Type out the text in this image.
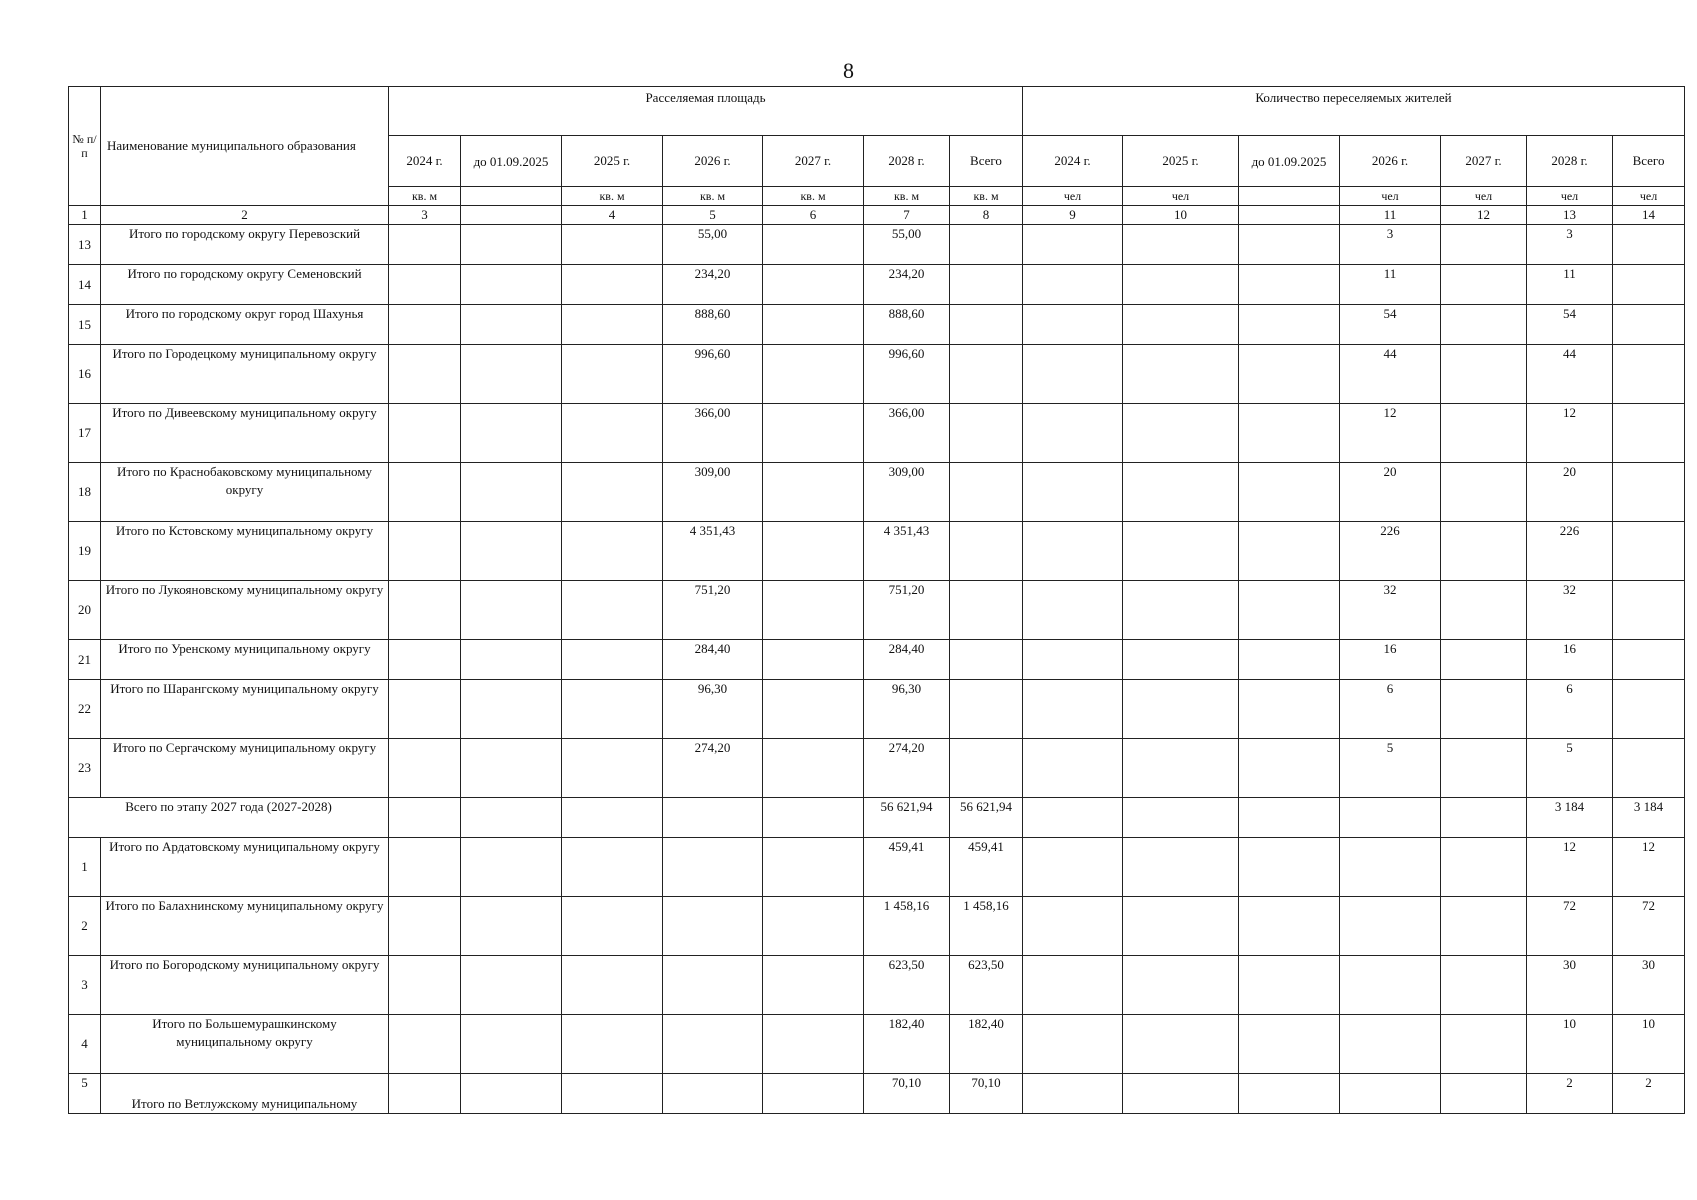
8
№ п/п	Наименование муниципального образования	Расселяемая площадь							Количество переселяемых жителей						
		2024 г.	до 01.09.2025	2025 г.	2026 г.	2027 г.	2028 г.	Всего	2024 г.	2025 г.	до 01.09.2025	2026 г.	2027 г.	2028 г.	Всего
		кв. м		кв. м	кв. м	кв. м	кв. м	кв. м	чел	чел		чел	чел	чел	чел
1	2	3		4	5	6	7	8	9	10		11	12	13	14
13	Итого по городскому округу Перевозский				55,00		55,00					3		3	
14	Итого по городскому округу Семеновский				234,20		234,20					11		11	
15	Итого по городскому округ город Шахунья				888,60		888,60					54		54	
16	Итого по Городецкому муниципальному округу				996,60		996,60					44		44	
17	Итого по Дивеевскому муниципальному округу				366,00		366,00					12		12	
18	Итого по Краснобаковскому муниципальному округу				309,00		309,00					20		20	
19	Итого по Кстовскому муниципальному округу				4 351,43		4 351,43					226		226	
20	Итого по Лукояновскому муниципальному округу				751,20		751,20					32		32	
21	Итого по Уренскому муниципальному округу				284,40		284,40					16		16	
22	Итого по Шарангскому муниципальному округу				96,30		96,30					6		6	
23	Итого по Сергачскому муниципальному округу				274,20		274,20					5		5	
Всего по этапу 2027 года (2027-2028)							56 621,94	56 621,94						3 184	3 184
1	Итого по Ардатовскому муниципальному округу						459,41	459,41						12	12
2	Итого по Балахнинскому муниципальному округу						1 458,16	1 458,16						72	72
3	Итого по Богородскому муниципальному округу						623,50	623,50						30	30
4	Итого по Большемурашкинскому муниципальному округу						182,40	182,40						10	10
5	Итого по Ветлужскому муниципальному						70,10	70,10						2	2
